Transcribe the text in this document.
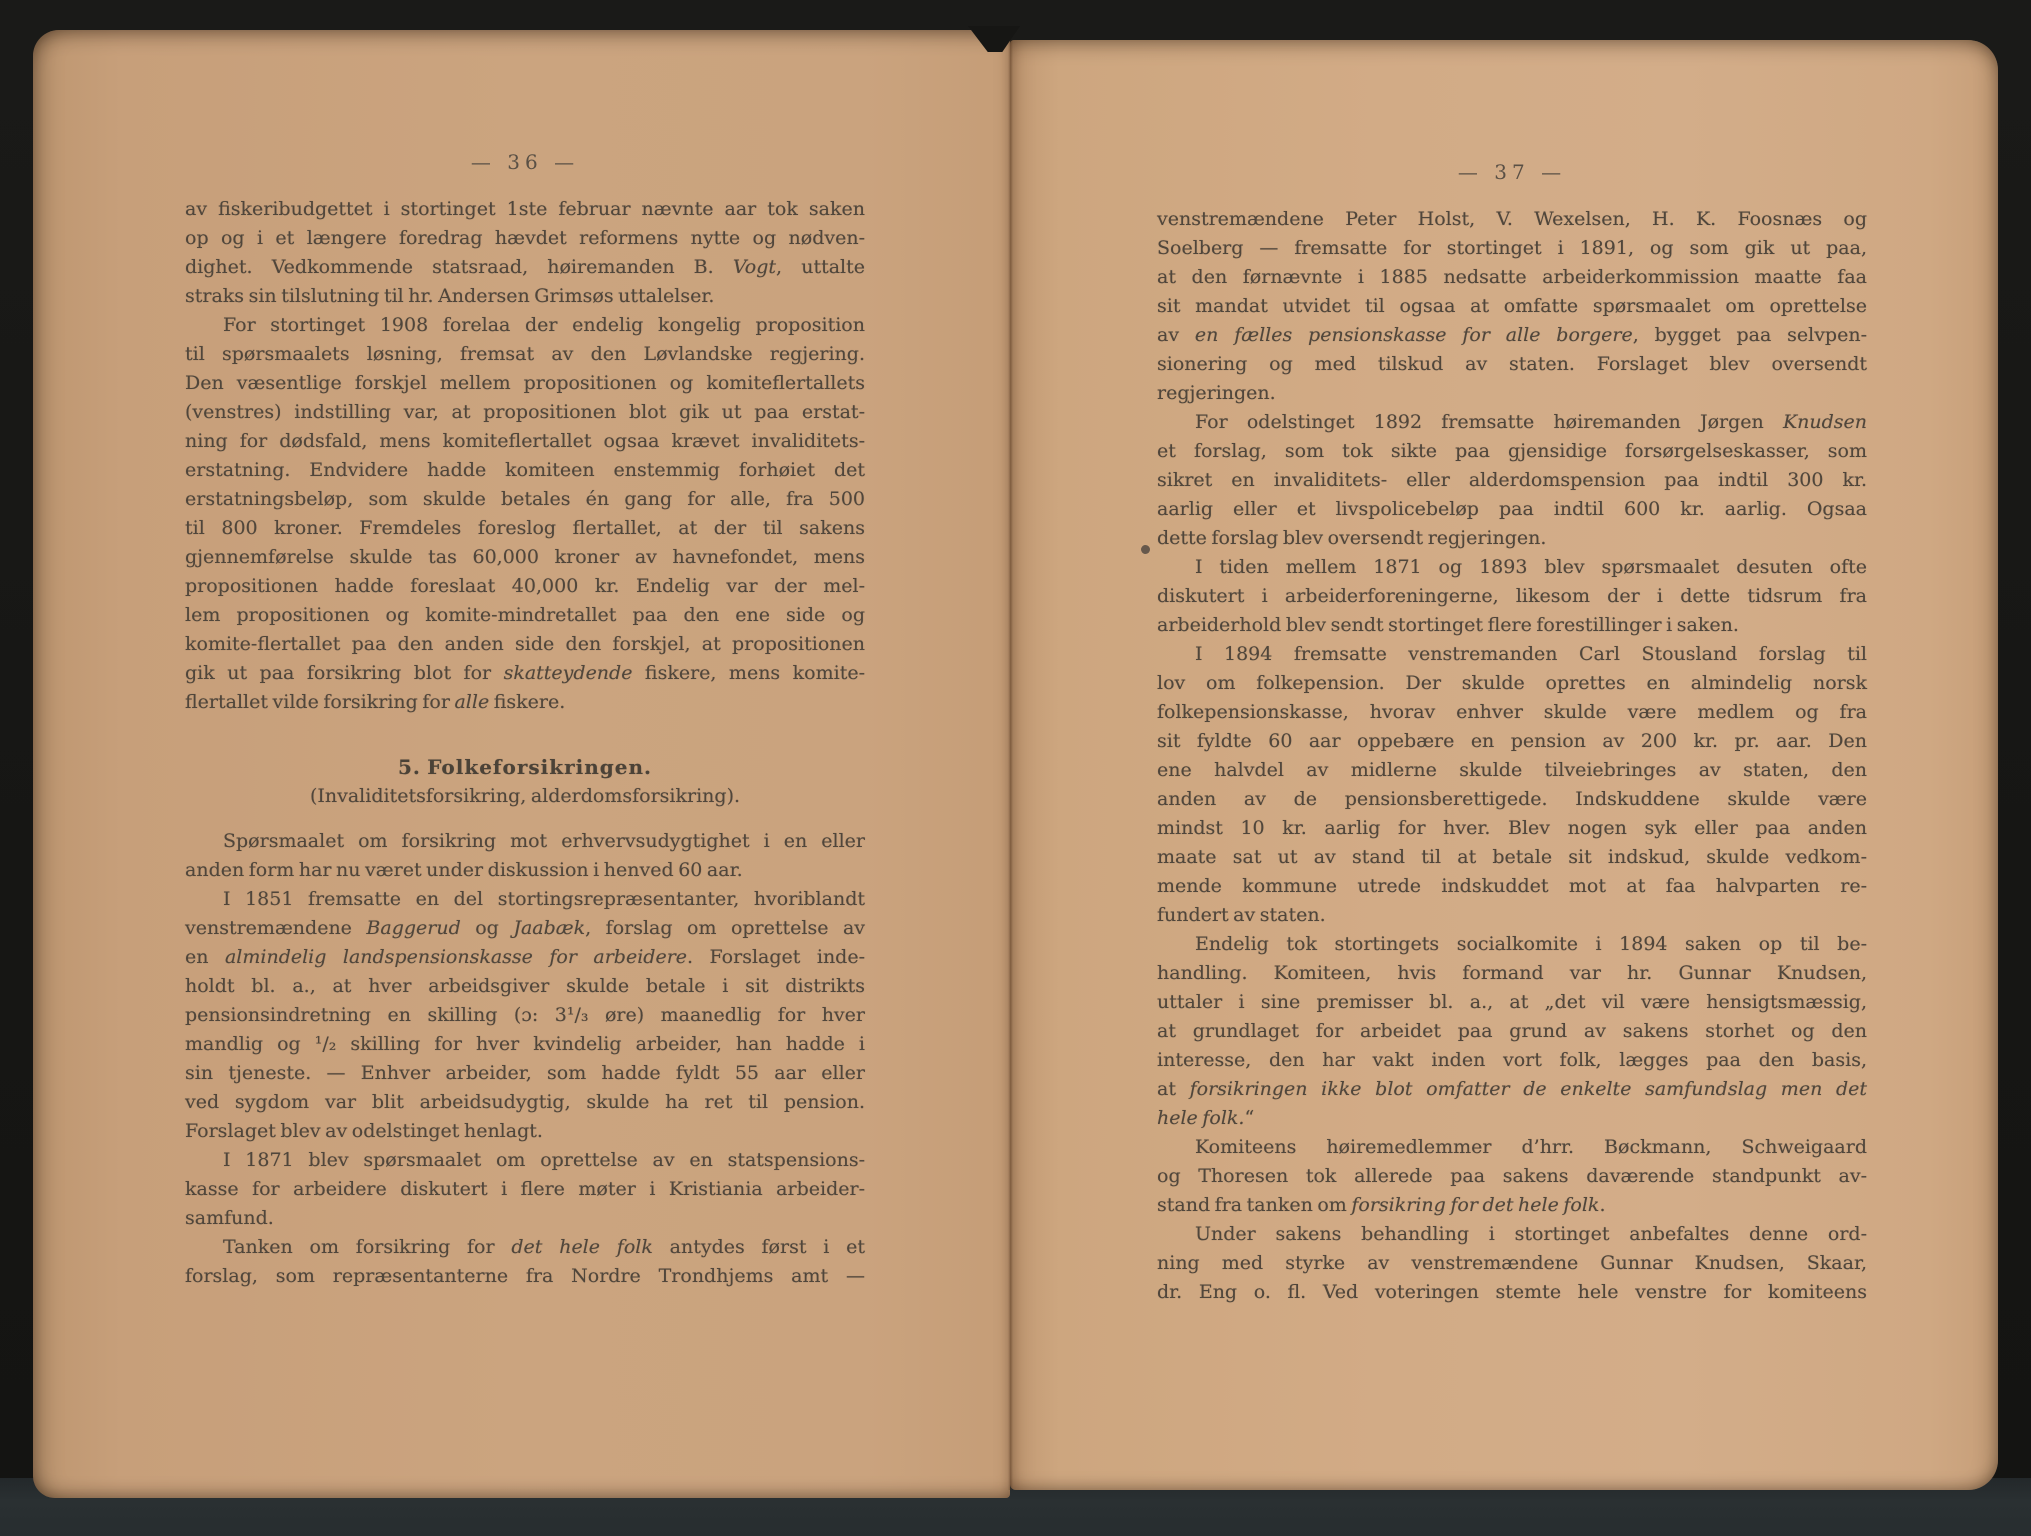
— 36 —
av fiskeribudgettet i stortinget 1ste februar nævnte aar tok saken
op og i et længere foredrag hævdet reformens nytte og nødven-
dighet. Vedkommende statsraad, høiremanden B. Vogt, uttalte
straks sin tilslutning til hr. Andersen Grimsøs uttalelser.
For stortinget 1908 forelaa der endelig kongelig proposition
til spørsmaalets løsning, fremsat av den Løvlandske regjering.
Den væsentlige forskjel mellem propositionen og komiteflertallets
(venstres) indstilling var, at propositionen blot gik ut paa erstat-
ning for dødsfald, mens komiteflertallet ogsaa krævet invaliditets-
erstatning. Endvidere hadde komiteen enstemmig forhøiet det
erstatningsbeløp, som skulde betales én gang for alle, fra 500
til 800 kroner. Fremdeles foreslog flertallet, at der til sakens
gjennemførelse skulde tas 60,000 kroner av havnefondet, mens
propositionen hadde foreslaat 40,000 kr. Endelig var der mel-
lem propositionen og komite-mindretallet paa den ene side og
komite-flertallet paa den anden side den forskjel, at propositionen
gik ut paa forsikring blot for skatteydende fiskere, mens komite-
flertallet vilde forsikring for alle fiskere.
5. Folkeforsikringen.
(Invaliditetsforsikring, alderdomsforsikring).
Spørsmaalet om forsikring mot erhvervsudygtighet i en eller
anden form har nu været under diskussion i henved 60 aar.
I 1851 fremsatte en del stortingsrepræsentanter, hvoriblandt
venstremændene Baggerud og Jaabæk, forslag om oprettelse av
en almindelig landspensionskasse for arbeidere. Forslaget inde-
holdt bl. a., at hver arbeidsgiver skulde betale i sit distrikts
pensionsindretning en skilling (ɔ: 3¹/₃ øre) maanedlig for hver
mandlig og ¹/₂ skilling for hver kvindelig arbeider, han hadde i
sin tjeneste. — Enhver arbeider, som hadde fyldt 55 aar eller
ved sygdom var blit arbeidsudygtig, skulde ha ret til pension.
Forslaget blev av odelstinget henlagt.
I 1871 blev spørsmaalet om oprettelse av en statspensions-
kasse for arbeidere diskutert i flere møter i Kristiania arbeider-
samfund.
Tanken om forsikring for det hele folk antydes først i et
forslag, som repræsentanterne fra Nordre Trondhjems amt —
— 37 —
venstremændene Peter Holst, V. Wexelsen, H. K. Foosnæs og
Soelberg — fremsatte for stortinget i 1891, og som gik ut paa,
at den førnævnte i 1885 nedsatte arbeiderkommission maatte faa
sit mandat utvidet til ogsaa at omfatte spørsmaalet om oprettelse
av en fælles pensionskasse for alle borgere, bygget paa selvpen-
sionering og med tilskud av staten. Forslaget blev oversendt
regjeringen.
For odelstinget 1892 fremsatte høiremanden Jørgen Knudsen
et forslag, som tok sikte paa gjensidige forsørgelseskasser, som
sikret en invaliditets- eller alderdomspension paa indtil 300 kr.
aarlig eller et livspolicebeløp paa indtil 600 kr. aarlig. Ogsaa
dette forslag blev oversendt regjeringen.
I tiden mellem 1871 og 1893 blev spørsmaalet desuten ofte
diskutert i arbeiderforeningerne, likesom der i dette tidsrum fra
arbeiderhold blev sendt stortinget flere forestillinger i saken.
I 1894 fremsatte venstremanden Carl Stousland forslag til
lov om folkepension. Der skulde oprettes en almindelig norsk
folkepensionskasse, hvorav enhver skulde være medlem og fra
sit fyldte 60 aar oppebære en pension av 200 kr. pr. aar. Den
ene halvdel av midlerne skulde tilveiebringes av staten, den
anden av de pensionsberettigede. Indskuddene skulde være
mindst 10 kr. aarlig for hver. Blev nogen syk eller paa anden
maate sat ut av stand til at betale sit indskud, skulde vedkom-
mende kommune utrede indskuddet mot at faa halvparten re-
fundert av staten.
Endelig tok stortingets socialkomite i 1894 saken op til be-
handling. Komiteen, hvis formand var hr. Gunnar Knudsen,
uttaler i sine premisser bl. a., at „det vil være hensigtsmæssig,
at grundlaget for arbeidet paa grund av sakens storhet og den
interesse, den har vakt inden vort folk, lægges paa den basis,
at forsikringen ikke blot omfatter de enkelte samfundslag men det
hele folk.“
Komiteens høiremedlemmer d’hrr. Bøckmann, Schweigaard
og Thoresen tok allerede paa sakens daværende standpunkt av-
stand fra tanken om forsikring for det hele folk.
Under sakens behandling i stortinget anbefaltes denne ord-
ning med styrke av venstremændene Gunnar Knudsen, Skaar,
dr. Eng o. fl. Ved voteringen stemte hele venstre for komiteens
